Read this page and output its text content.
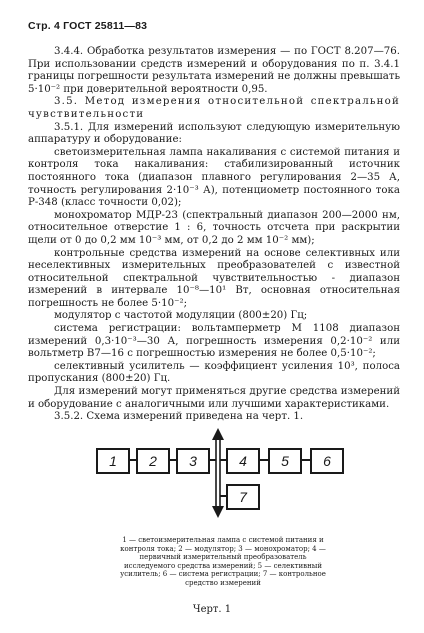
Стр. 4 ГОСТ 25811—83

3.4.4. Обработка результатов измерения — по ГОСТ 8.207—76. При использовании средств измерений и оборудования по п. 3.4.1 границы погрешности результата измерений не должны превышать 5·10⁻² при доверительной вероятности 0,95.

3.5. Метод измерения относительной спектральной чувствительности

3.5.1. Для измерений используют следующую измерительную аппаратуру и оборудование:

светоизмерительная лампа накаливания с системой питания и контроля тока накаливания: стабилизированный источник постоянного тока (диапазон плавного регулирования 2—35 А, точность регулирования 2·10⁻³ А), потенциометр постоянного тока Р-348 (класс точности 0,02);

монохроматор МДР-23 (спектральный диапазон 200—2000 нм, относительное отверстие 1 : 6, точность отсчета при раскрытии щели от 0 до 0,2 мм 10⁻³ мм, от 0,2 до 2 мм 10⁻² мм);

контрольные средства измерений на основе селективных или неселективных измерительных преобразователей с известной относительной спектральной чувствительностью - диапазон измерений в интервале 10⁻⁸—10¹ Вт, основная относительная погрешность не более 5·10⁻²;

модулятор с частотой модуляции (800±20) Гц;

система регистрации: вольтамперметр М 1108 диапазон измерений 0,3·10⁻³—30 А, погрешность измерения 0,2·10⁻² или вольтметр В7—16 с погрешностью измерения не более 0,5·10⁻²;

селективный усилитель — коэффициент усиления 10³, полоса пропускания (800±20) Гц.

Для измерений могут применяться другие средства измерений и оборудование с аналогичными или лучшими характеристиками.

3.5.2. Схема измерений приведена на черт. 1.

1	2	3	4	5	6
7
1 — светоизмерительная лампа с системой питания и контроля тока; 2 — модулятор; 3 — монохроматор; 4 — первичный измерительный преобразователь исследуемого средства измерений; 5 — селективный усилитель; 6 — система регистрации; 7 — контрольное средство измерений
Черт. 1
